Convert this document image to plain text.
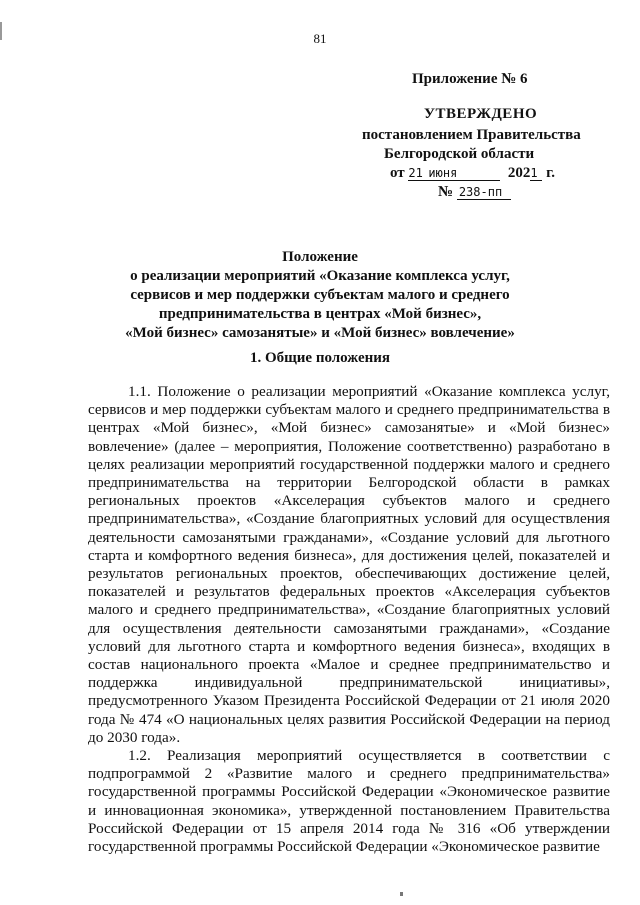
81
Приложение № 6
УТВЕРЖДЕНО
постановлением Правительства
Белгородской области
от 21 июня	2021 г.
№ 238-пп
Положение
о реализации мероприятий «Оказание комплекса услуг,
сервисов и мер поддержки субъектам малого и среднего
предпринимательства в центрах «Мой бизнес»,
«Мой бизнес» самозанятые» и «Мой бизнес» вовлечение»
1. Общие положения

1.1. Положение о реализации мероприятий «Оказание комплекса услуг, сервисов и мер поддержки субъектам малого и среднего предпринимательства в центрах «Мой бизнес», «Мой бизнес» самозанятые» и «Мой бизнес» вовлечение» (далее – мероприятия, Положение соответственно) разработано в целях реализации мероприятий государственной поддержки малого и среднего предпринимательства на территории Белгородской области в рамках региональных проектов «Акселерация субъектов малого и среднего предпринимательства», «Создание благоприятных условий для осуществления деятельности самозанятыми гражданами», «Создание условий для льготного старта и комфортного ведения бизнеса», для достижения целей, показателей и результатов региональных проектов, обеспечивающих достижение целей, показателей и результатов федеральных проектов «Акселерация субъектов малого и среднего предпринимательства», «Создание благоприятных условий для осуществления деятельности самозанятыми гражданами», «Создание условий для льготного старта и комфортного ведения бизнеса», входящих в состав национального проекта «Малое и среднее предпринимательство и поддержка индивидуальной предпринимательской инициативы», предусмотренного Указом Президента Российской Федерации от 21 июля 2020 года № 474 «О национальных целях развития Российской Федерации на период до 2030 года».

1.2. Реализация мероприятий осуществляется в соответствии с подпрограммой 2 «Развитие малого и среднего предпринимательства» государственной программы Российской Федерации «Экономическое развитие и инновационная экономика», утвержденной постановлением Правительства Российской Федерации от 15 апреля 2014 года № 316 «Об утверждении государственной программы Российской Федерации «Экономическое развитие
